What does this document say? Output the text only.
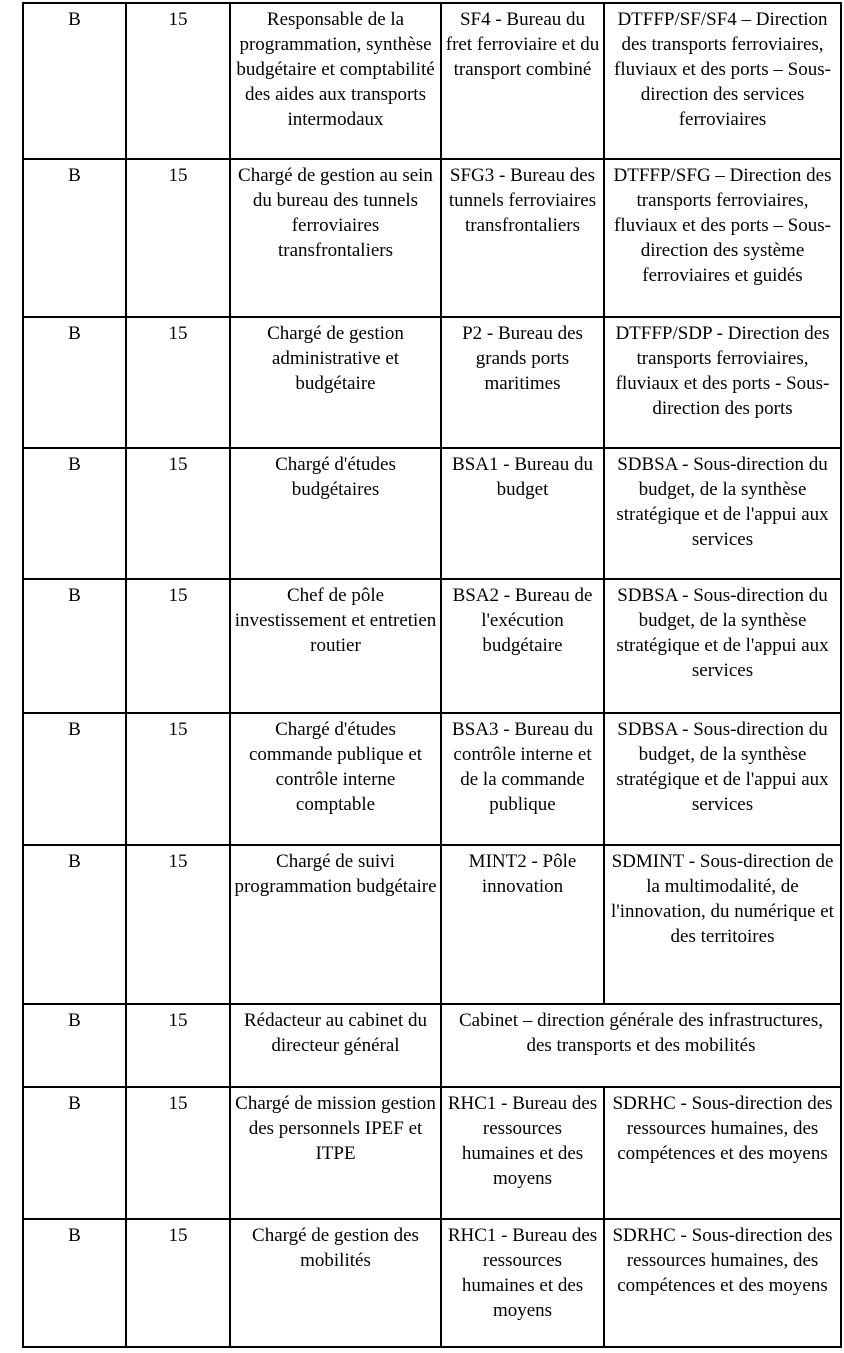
B	15	Responsable de la programmation, synthèse budgétaire et comptabilité des aides aux transports intermodaux	SF4 - Bureau du fret ferroviaire et du transport combiné	DTFFP/SF/SF4 – Direction des transports ferroviaires, fluviaux et des ports – Sous-direction des services ferroviaires
B	15	Chargé de gestion au sein du bureau des tunnels ferroviaires transfrontaliers	SFG3 - Bureau des tunnels ferroviaires transfrontaliers	DTFFP/SFG – Direction des transports ferroviaires, fluviaux et des ports – Sous-direction des système ferroviaires et guidés
B	15	Chargé de gestion administrative et budgétaire	P2 - Bureau des grands ports maritimes	DTFFP/SDP - Direction des transports ferroviaires, fluviaux et des ports - Sous-direction des ports
B	15	Chargé d'études budgétaires	BSA1 - Bureau du budget	SDBSA - Sous-direction du budget, de la synthèse stratégique et de l'appui aux services
B	15	Chef de pôle investissement et entretien routier	BSA2 - Bureau de l'exécution budgétaire	SDBSA - Sous-direction du budget, de la synthèse stratégique et de l'appui aux services
B	15	Chargé d'études commande publique et contrôle interne comptable	BSA3 - Bureau du contrôle interne et de la commande publique	SDBSA - Sous-direction du budget, de la synthèse stratégique et de l'appui aux services
B	15	Chargé de suivi programmation budgétaire	MINT2 - Pôle innovation	SDMINT - Sous-direction de la multimodalité, de l'innovation, du numérique et des territoires
B	15	Rédacteur au cabinet du directeur général	Cabinet – direction générale des infrastructures, des transports et des mobilités	
B	15	Chargé de mission gestion des personnels IPEF et ITPE	RHC1 - Bureau des ressources humaines et des moyens	SDRHC - Sous-direction des ressources humaines, des compétences et des moyens
B	15	Chargé de gestion des mobilités	RHC1 - Bureau des ressources humaines et des moyens	SDRHC - Sous-direction des ressources humaines, des compétences et des moyens
